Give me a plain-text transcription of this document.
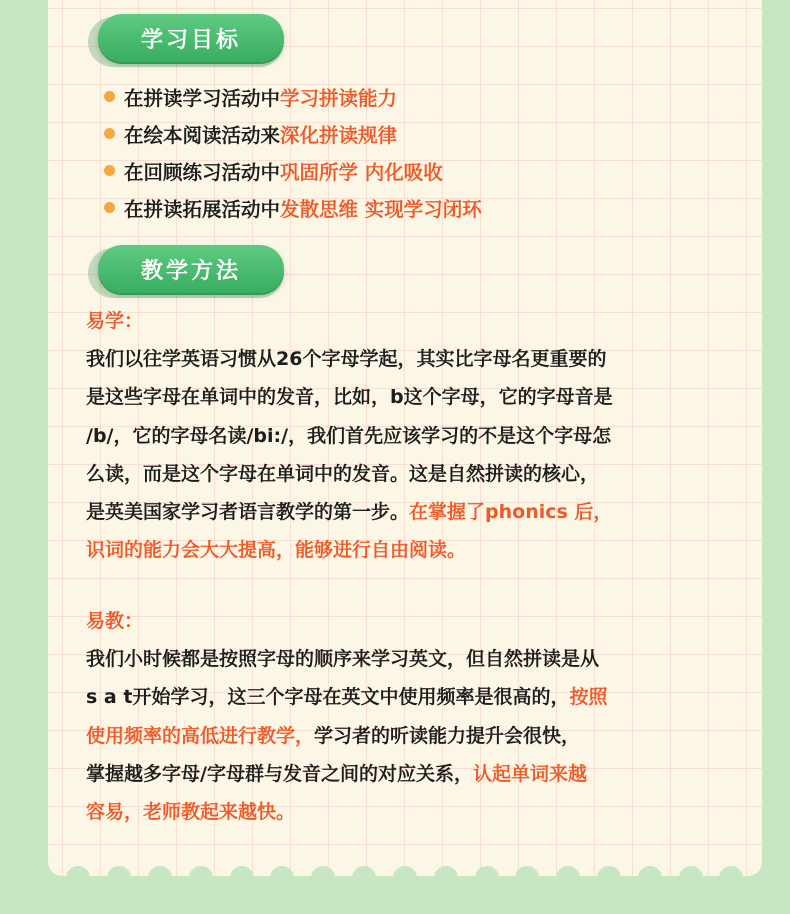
学习目标
在拼读学习活动中 学习拼读能力
在绘本阅读活动来 深化拼读规律
在回顾练习活动中 巩固所学 内化吸收
在拼读拓展活动中 发散思维 实现学习闭环
教学方法
易学：
我们以往学英语习惯从26个字母学起，其实比字母名更重要的
是这些字母在单词中的发音，比如，b这个字母，它的字母音是
/b/，它的字母名读/bi:/，我们首先应该学习的不是这个字母怎
么读，而是这个字母在单词中的发音。这是自然拼读的核心，
是英美国家学习者语言教学的第一步。在掌握了phonics 后，
识词的能力会大大提高，能够进行自由阅读。
易教：
我们小时候都是按照字母的顺序来学习英文，但自然拼读是从
s a t开始学习，这三个字母在英文中使用频率是很高的，按照
使用频率的高低进行教学，学习者的听读能力提升会很快，
掌握越多字母/字母群与发音之间的对应关系，认起单词来越
容易，老师教起来越快。
